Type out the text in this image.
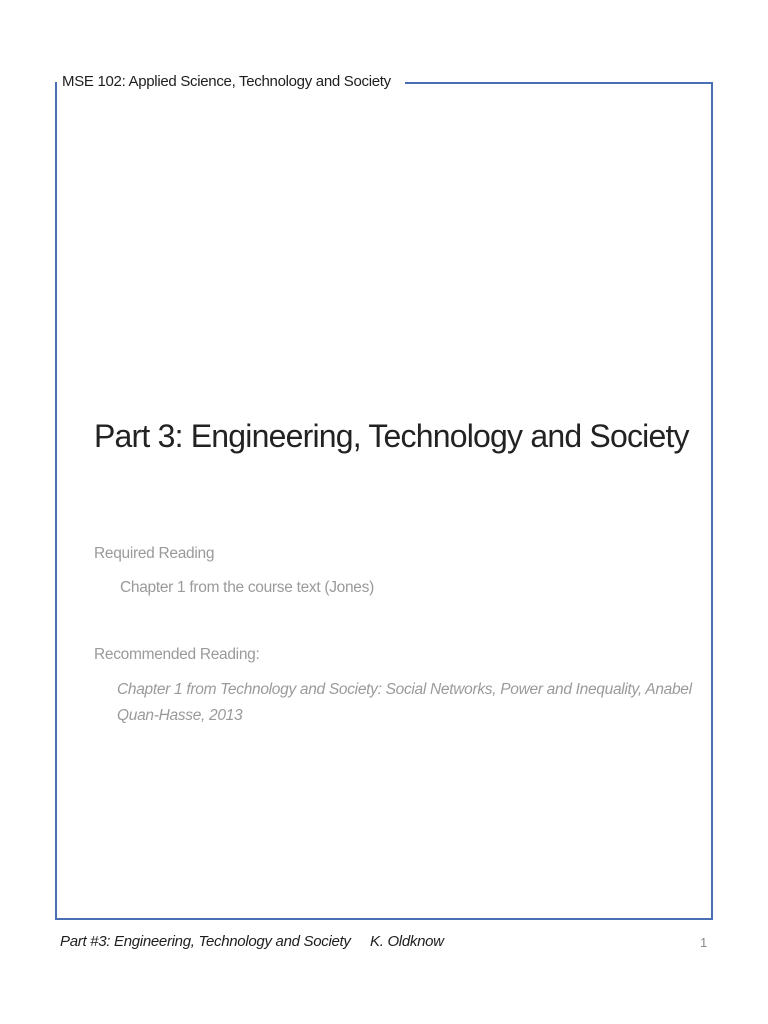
MSE 102: Applied Science, Technology and Society
Part 3: Engineering, Technology and Society
Required Reading
Chapter 1 from the course text (Jones)
Recommended Reading:
Chapter 1 from Technology and Society: Social Networks, Power and Inequality, Anabel
Quan-Hasse, 2013
Part #3: Engineering, Technology and Society K. Oldknow	1
